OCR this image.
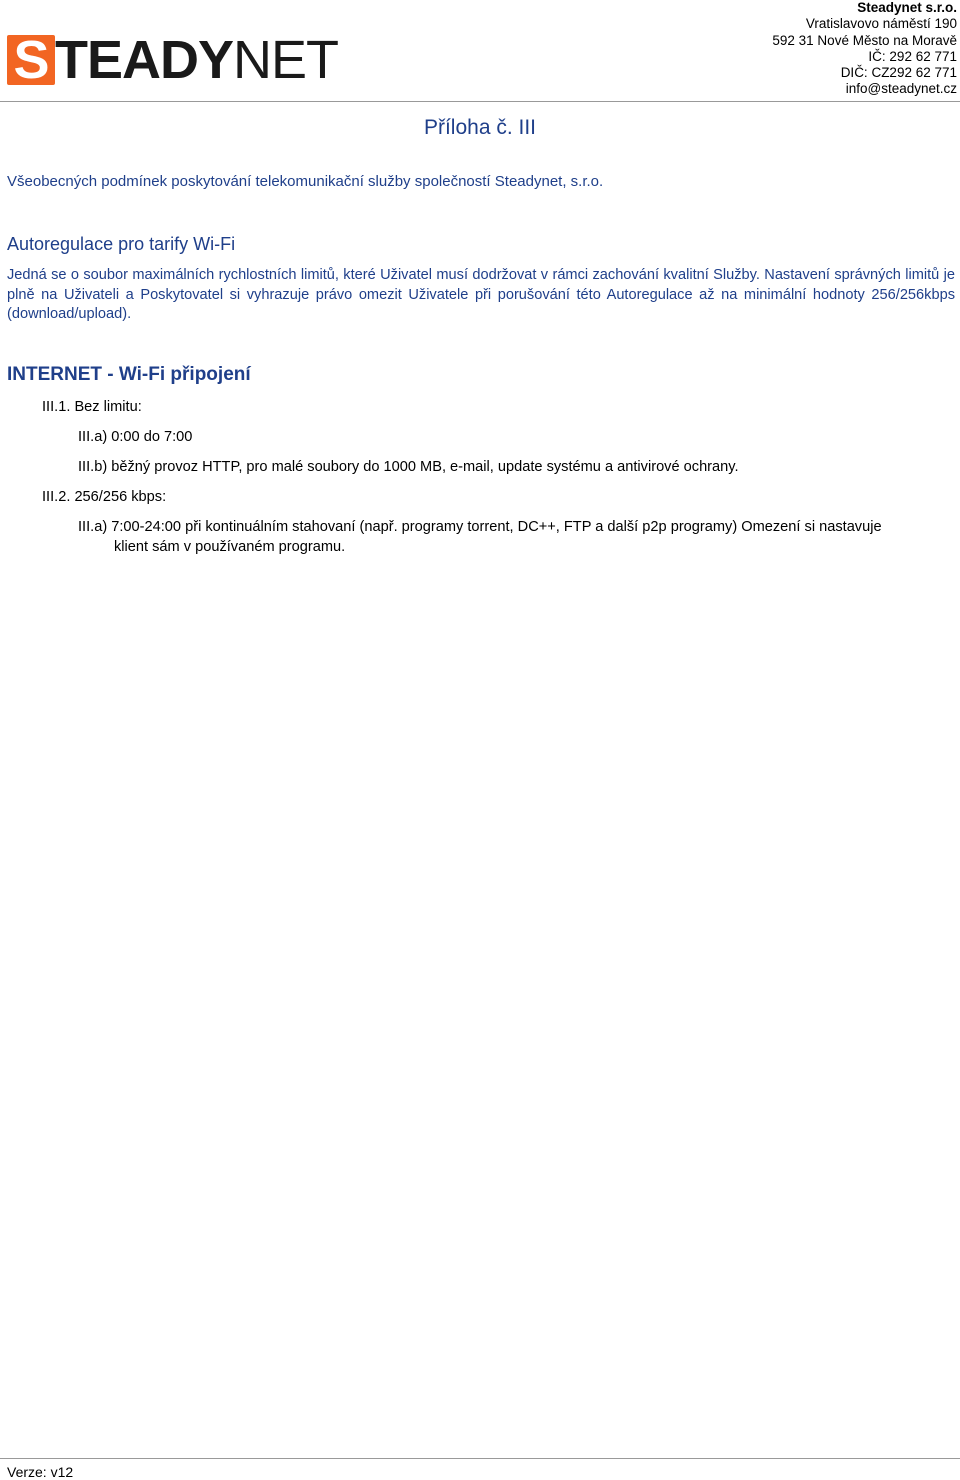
S TEADYNET
Steadynet s.r.o.
Vratislavovo náměstí 190
592 31 Nové Město na Moravě
IČ: 292 62 771
DIČ: CZ292 62 771
info@steadynet.cz
Příloha č. III
Všeobecných podmínek poskytování telekomunikační služby společností Steadynet, s.r.o.
Autoregulace pro tarify Wi-Fi
Jedná se o soubor maximálních rychlostních limitů, které Uživatel musí dodržovat v rámci zachování kvalitní Služby. Nastavení správných limitů je plně na Uživateli a Poskytovatel si vyhrazuje právo omezit Uživatele při porušování této Autoregulace až na minimální hodnoty 256/256kbps (download/upload).
INTERNET - Wi-Fi připojení
III.1. Bez limitu:
III.a) 0:00 do 7:00
III.b) běžný provoz HTTP, pro malé soubory do 1000 MB, e-mail, update systému a antivirové ochrany.
III.2. 256/256 kbps:
III.a) 7:00-24:00 při kontinuálním stahovaní (např. programy torrent, DC++, FTP a další p2p programy) Omezení si nastavuje
klient sám v používaném programu.
Verze: v12
